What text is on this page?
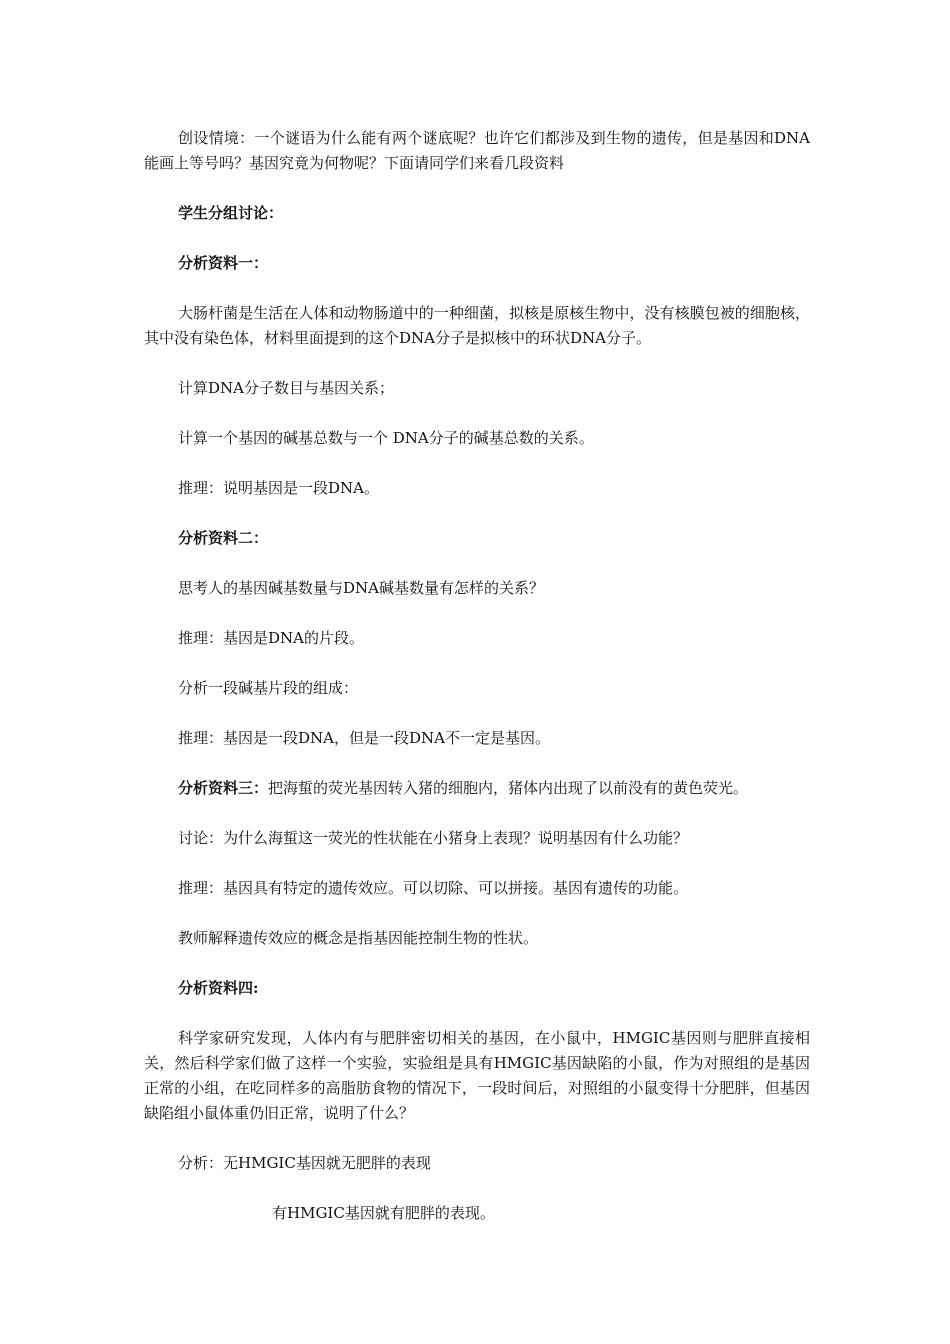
创设情境：一个谜语为什么能有两个谜底呢？也许它们都涉及到生物的遗传，但是基因和DNA能画上等号吗？基因究竟为何物呢？下面请同学们来看几段资料

学生分组讨论：

分析资料一：

大肠杆菌是生活在人体和动物肠道中的一种细菌，拟核是原核生物中，没有核膜包被的细胞核，其中没有染色体，材料里面提到的这个DNA分子是拟核中的环状DNA分子。

计算DNA分子数目与基因关系；

计算一个基因的碱基总数与一个 DNA分子的碱基总数的关系。

推理：说明基因是一段DNA。

分析资料二：

思考人的基因碱基数量与DNA碱基数量有怎样的关系？

推理：基因是DNA的片段。

分析一段碱基片段的组成：

推理：基因是一段DNA，但是一段DNA不一定是基因。

分析资料三：把海蜇的荧光基因转入猪的细胞内，猪体内出现了以前没有的黄色荧光。

讨论：为什么海蜇这一荧光的性状能在小猪身上表现？说明基因有什么功能？

推理：基因具有特定的遗传效应。可以切除、可以拼接。基因有遗传的功能。

教师解释遗传效应的概念是指基因能控制生物的性状。

分析资料四:

科学家研究发现，人体内有与肥胖密切相关的基因，在小鼠中，HMGIC基因则与肥胖直接相关，然后科学家们做了这样一个实验，实验组是具有HMGIC基因缺陷的小鼠，作为对照组的是基因正常的小组，在吃同样多的高脂肪食物的情况下，一段时间后，对照组的小鼠变得十分肥胖，但基因缺陷组小鼠体重仍旧正常，说明了什么？

分析：无HMGIC基因就无肥胖的表现

有HMGIC基因就有肥胖的表现。
